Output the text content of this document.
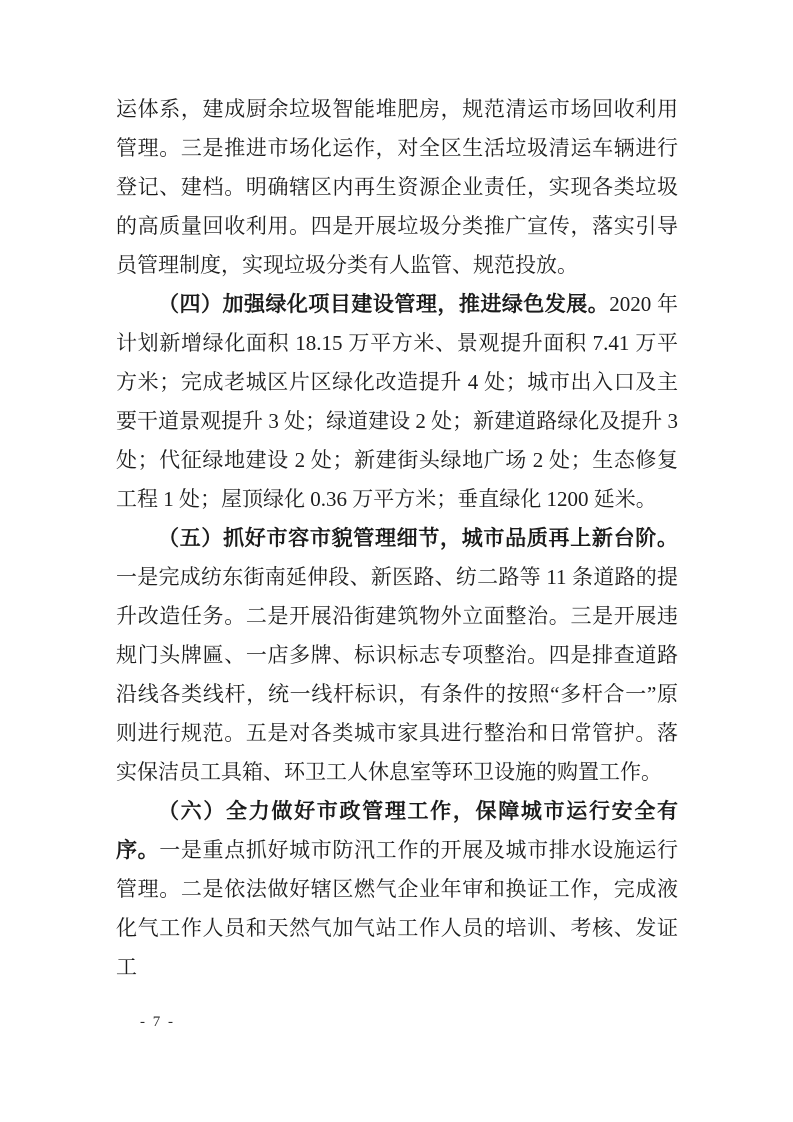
运体系，建成厨余垃圾智能堆肥房，规范清运市场回收利用管理。三是推进市场化运作，对全区生活垃圾清运车辆进行登记、建档。明确辖区内再生资源企业责任，实现各类垃圾的高质量回收利用。四是开展垃圾分类推广宣传，落实引导员管理制度，实现垃圾分类有人监管、规范投放。

（四）加强绿化项目建设管理，推进绿色发展。2020 年计划新增绿化面积 18.15 万平方米、景观提升面积 7.41 万平方米；完成老城区片区绿化改造提升 4 处；城市出入口及主要干道景观提升 3 处；绿道建设 2 处；新建道路绿化及提升 3 处；代征绿地建设 2 处；新建街头绿地广场 2 处；生态修复工程 1 处；屋顶绿化 0.36 万平方米；垂直绿化 1200 延米。

（五）抓好市容市貌管理细节，城市品质再上新台阶。一是完成纺东街南延伸段、新医路、纺二路等 11 条道路的提升改造任务。二是开展沿街建筑物外立面整治。三是开展违规门头牌匾、一店多牌、标识标志专项整治。四是排查道路沿线各类线杆，统一线杆标识，有条件的按照“多杆合一”原则进行规范。五是对各类城市家具进行整治和日常管护。落实保洁员工具箱、环卫工人休息室等环卫设施的购置工作。

（六）全力做好市政管理工作，保障城市运行安全有序。一是重点抓好城市防汛工作的开展及城市排水设施运行管理。二是依法做好辖区燃气企业年审和换证工作，完成液化气工作人员和天然气加气站工作人员的培训、考核、发证工

- 7 -
